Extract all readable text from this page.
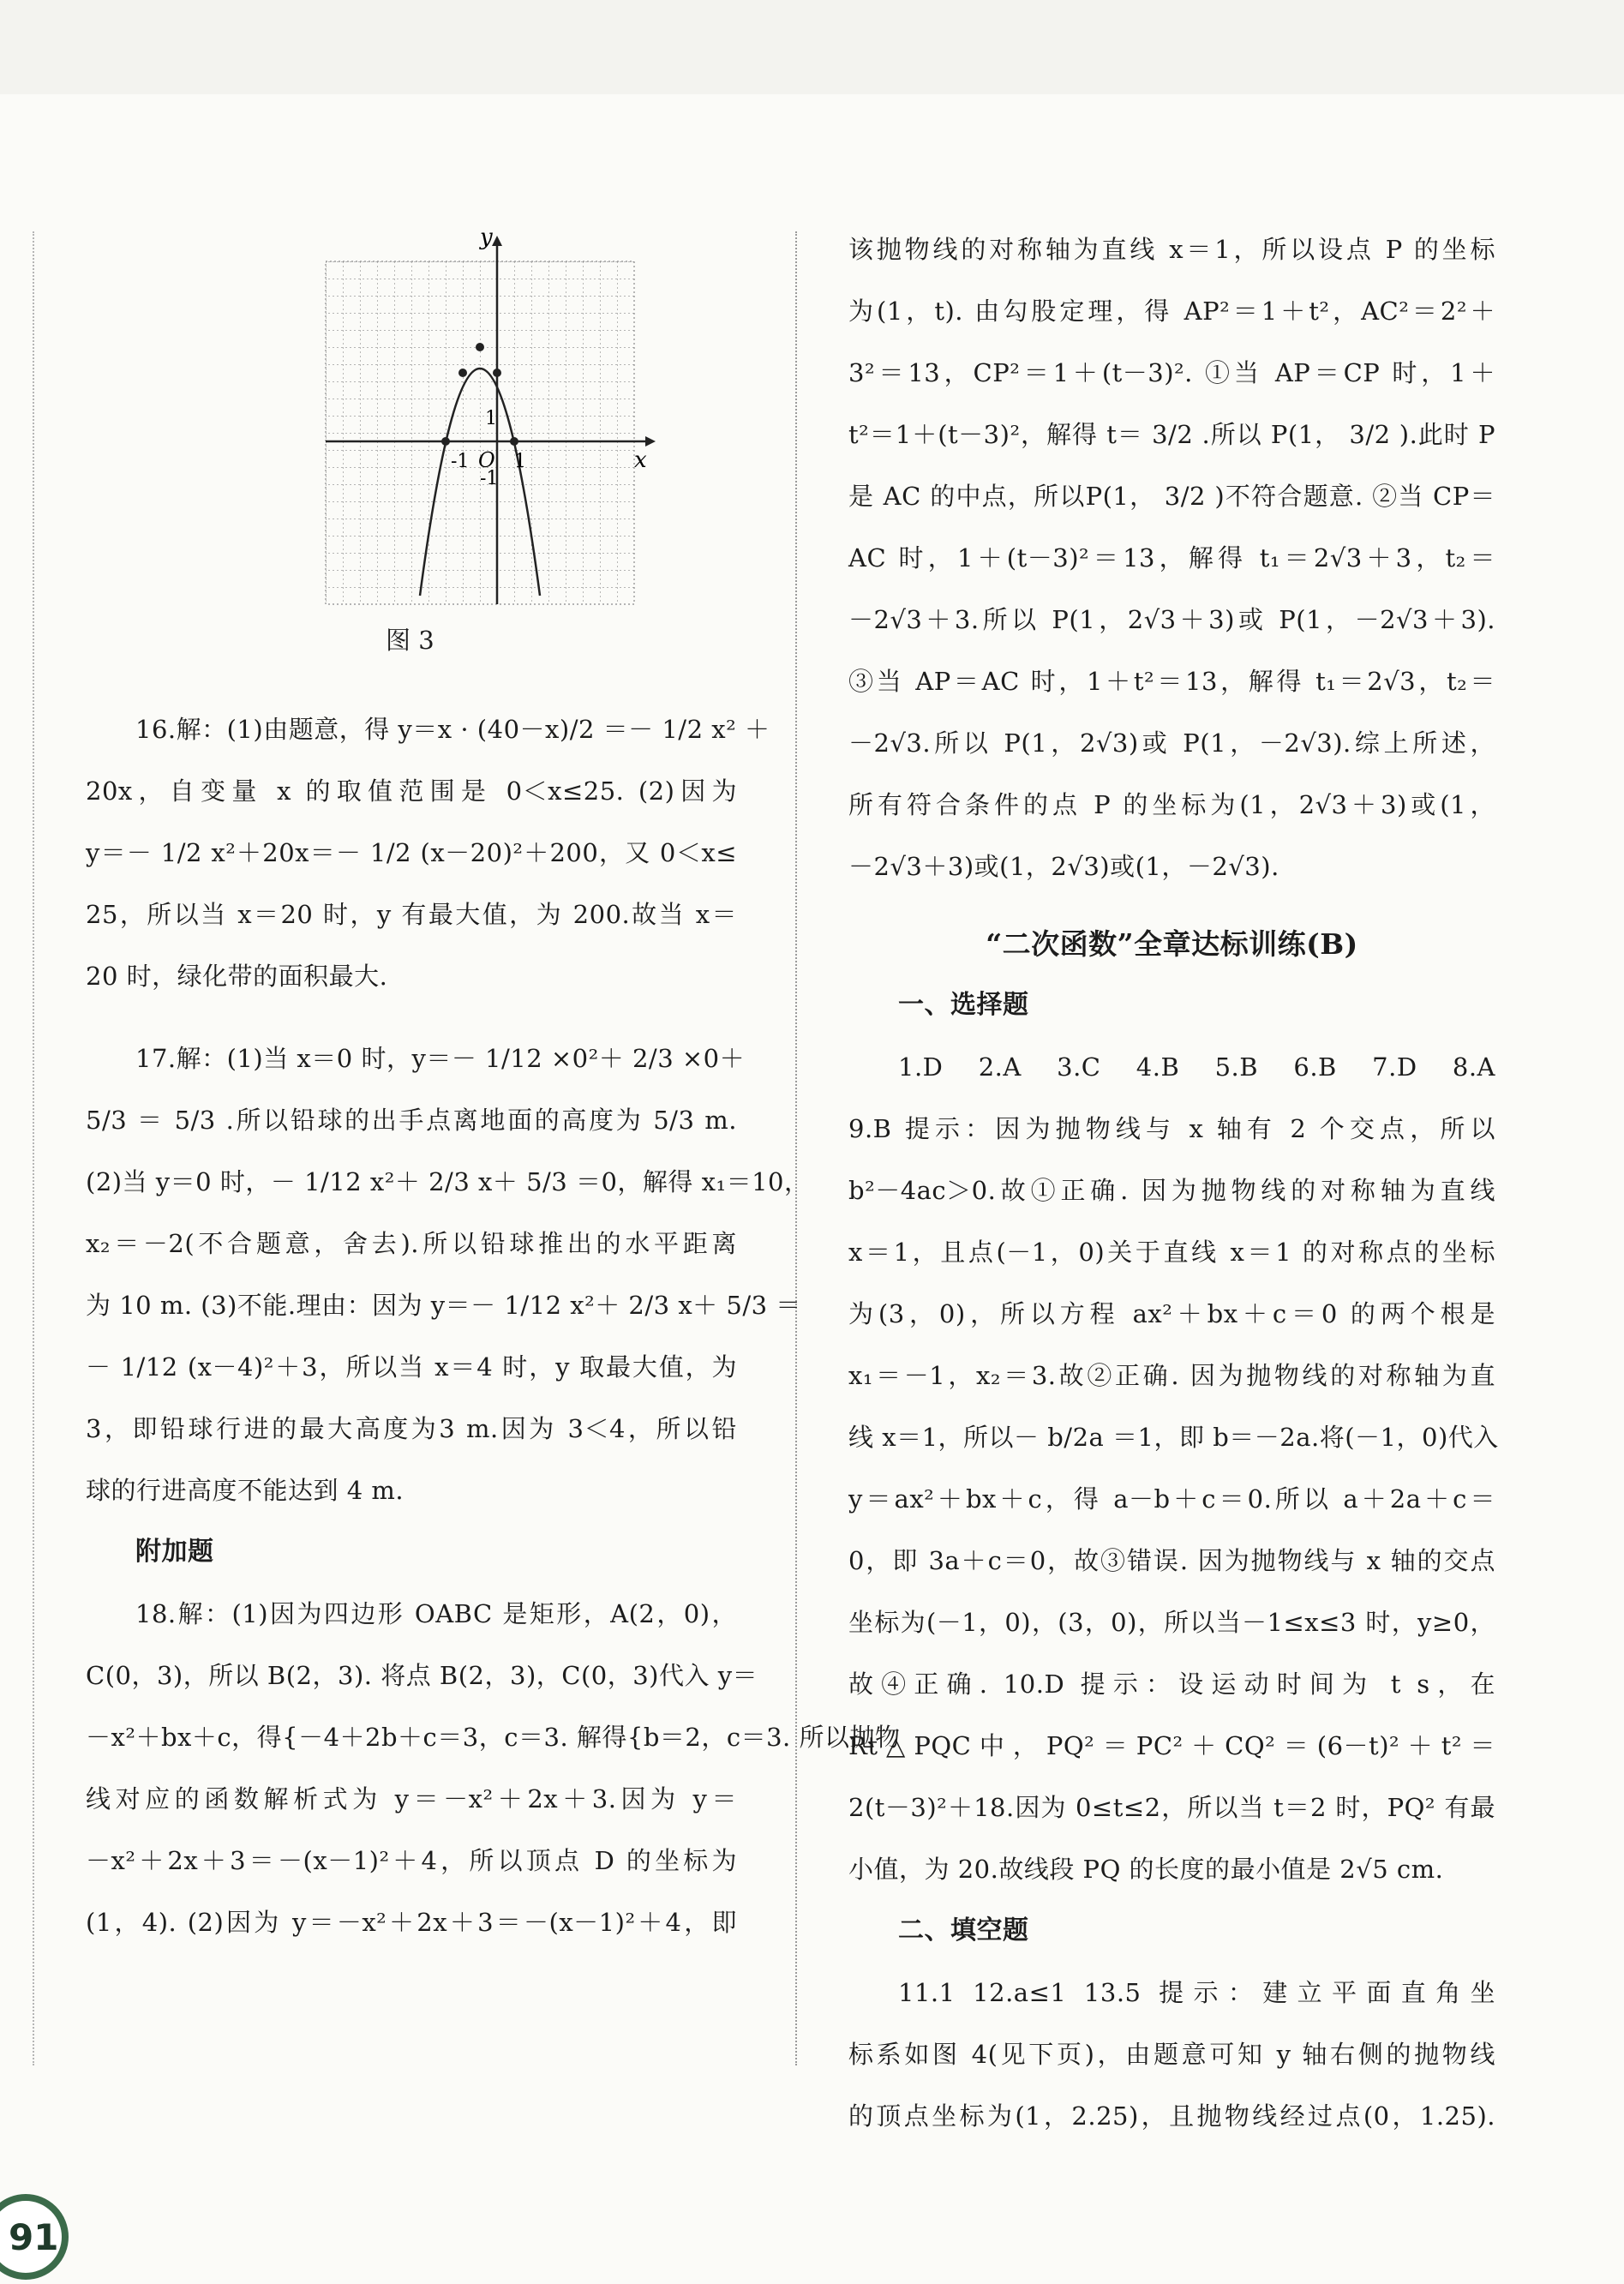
x
y
O
1
-1
-1
1
图 3
16.解：(1)由题意，得 y＝x · (40－x)/2 ＝－ 1/2 x² ＋
20x，自变量 x 的取值范围是 0＜x≤25. (2)因为
y＝－ 1/2 x²＋20x＝－ 1/2 (x－20)²＋200，又 0＜x≤
25，所以当 x＝20 时，y 有最大值，为 200.故当 x＝
20 时，绿化带的面积最大.
17.解：(1)当 x＝0 时，y＝－ 1/12 ×0²＋ 2/3 ×0＋
5/3 ＝ 5/3 .所以铅球的出手点离地面的高度为 5/3 m.
(2)当 y＝0 时，－ 1/12 x²＋ 2/3 x＋ 5/3 ＝0，解得 x₁＝10，
x₂＝－2(不合题意，舍去).所以铅球推出的水平距离
为 10 m. (3)不能.理由：因为 y＝－ 1/12 x²＋ 2/3 x＋ 5/3 ＝
－ 1/12 (x－4)²＋3，所以当 x＝4 时，y 取最大值，为
3，即铅球行进的最大高度为3 m.因为 3＜4，所以铅
球的行进高度不能达到 4 m.
附加题
18.解：(1)因为四边形 OABC 是矩形，A(2，0)，
C(0，3)，所以 B(2，3). 将点 B(2，3)，C(0，3)代入 y＝
－x²＋bx＋c，得{－4＋2b＋c＝3，c＝3. 解得{b＝2，c＝3. 所以抛物
线对应的函数解析式为 y＝－x²＋2x＋3.因为 y＝
－x²＋2x＋3＝－(x－1)²＋4，所以顶点 D 的坐标为
(1，4). (2)因为 y＝－x²＋2x＋3＝－(x－1)²＋4，即
该抛物线的对称轴为直线 x＝1，所以设点 P 的坐标
为(1，t). 由勾股定理，得 AP²＝1＋t²，AC²＝2²＋
3²＝13，CP²＝1＋(t－3)². ①当 AP＝CP 时，1＋
t²＝1＋(t－3)²，解得 t＝ 3/2 .所以 P(1， 3/2 ).此时 P
是 AC 的中点，所以P(1， 3/2 )不符合题意. ②当 CP＝
AC 时，1＋(t－3)²＝13，解得 t₁＝2√3＋3，t₂＝
－2√3＋3.所以 P(1，2√3＋3)或 P(1，－2√3＋3).
③当 AP＝AC 时，1＋t²＝13，解得 t₁＝2√3，t₂＝
－2√3.所以 P(1，2√3)或 P(1，－2√3).综上所述，
所有符合条件的点 P 的坐标为(1，2√3＋3)或(1，
－2√3＋3)或(1，2√3)或(1，－2√3).
“二次函数”全章达标训练(B)
一、选择题
1.D 2.A 3.C 4.B 5.B 6.B 7.D 8.A
9.B 提示：因为抛物线与 x 轴有 2 个交点，所以
b²－4ac＞0.故①正确. 因为抛物线的对称轴为直线
x＝1，且点(－1，0)关于直线 x＝1 的对称点的坐标
为(3，0)，所以方程 ax²＋bx＋c＝0 的两个根是
x₁＝－1，x₂＝3.故②正确. 因为抛物线的对称轴为直
线 x＝1，所以－ b/2a ＝1，即 b＝－2a.将(－1，0)代入
y＝ax²＋bx＋c，得 a－b＋c＝0.所以 a＋2a＋c＝
0，即 3a＋c＝0，故③错误. 因为抛物线与 x 轴的交点
坐标为(－1，0)，(3，0)，所以当－1≤x≤3 时，y≥0，
故④正确. 10.D 提示：设运动时间为 t s，在
Rt△PQC中，PQ²＝PC²＋CQ²＝(6－t)²＋t²＝
2(t－3)²＋18.因为 0≤t≤2，所以当 t＝2 时，PQ² 有最
小值，为 20.故线段 PQ 的长度的最小值是 2√5 cm.
二、填空题
11.1 12.a≤1 13.5 提示：建立平面直角坐
标系如图 4(见下页)，由题意可知 y 轴右侧的抛物线
的顶点坐标为(1，2.25)，且抛物线经过点(0，1.25).
91
